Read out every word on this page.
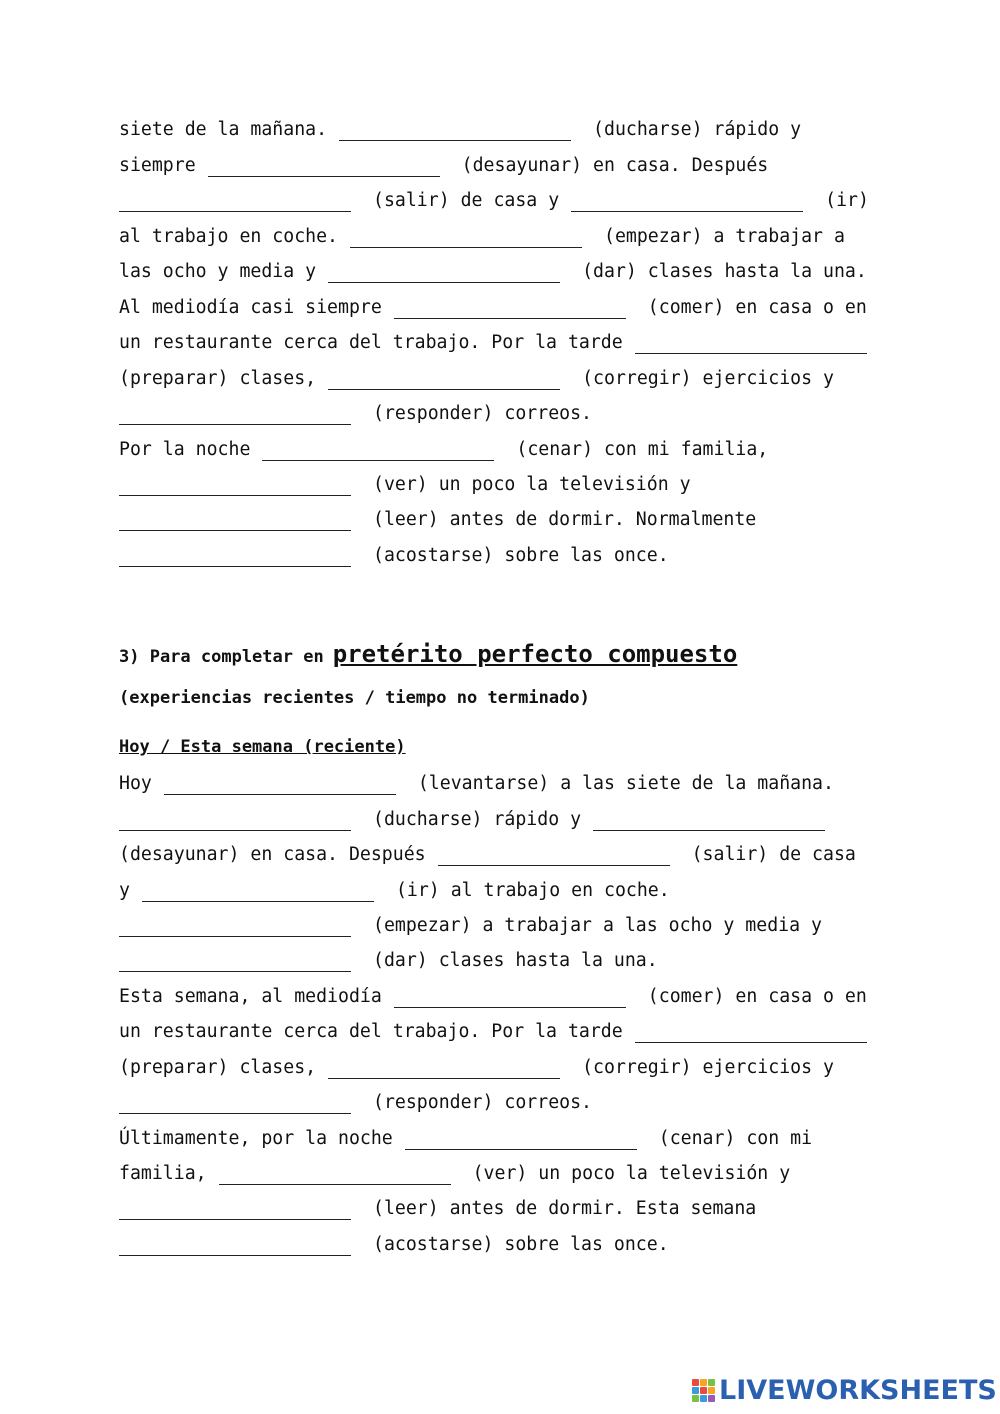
siete de la mañana.	(ducharse) rápido y
siempre	(desayunar) en casa. Después
(salir) de casa y	(ir)
al trabajo en coche.	(empezar) a trabajar a
las ocho y media y	(dar) clases hasta la una.
Al mediodía casi siempre	(comer) en casa o en
un restaurante cerca del trabajo. Por la tarde
(preparar) clases,	(corregir) ejercicios y
(responder) correos.
Por la noche	(cenar) con mi familia,
(ver) un poco la televisión y
(leer) antes de dormir. Normalmente
(acostarse) sobre las once.
3) Para completar en pretérito perfecto compuesto
(experiencias recientes / tiempo no terminado)
Hoy / Esta semana (reciente)
Hoy	(levantarse) a las siete de la mañana.
(ducharse) rápido y
(desayunar) en casa. Después	(salir) de casa
y	(ir) al trabajo en coche.
(empezar) a trabajar a las ocho y media y
(dar) clases hasta la una.
Esta semana, al mediodía	(comer) en casa o en
un restaurante cerca del trabajo. Por la tarde
(preparar) clases,	(corregir) ejercicios y
(responder) correos.
Últimamente, por la noche	(cenar) con mi
familia,	(ver) un poco la televisión y
(leer) antes de dormir. Esta semana
(acostarse) sobre las once.
LIVEWORKSHEETS
